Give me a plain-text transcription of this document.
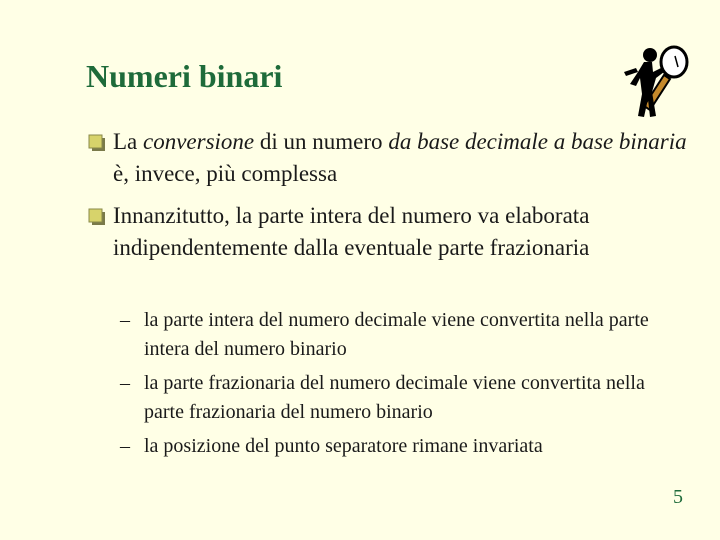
Numeri binari
La conversione di un numero da base decimale a base binaria è, invece, più complessa
Innanzitutto, la parte intera del numero va elaborata indipendentemente dalla eventuale parte frazionaria
– la parte intera del numero decimale viene convertita nella parte intera del numero binario
– la parte frazionaria del numero decimale viene convertita nella parte frazionaria del numero binario
– la posizione del punto separatore rimane invariata
5
